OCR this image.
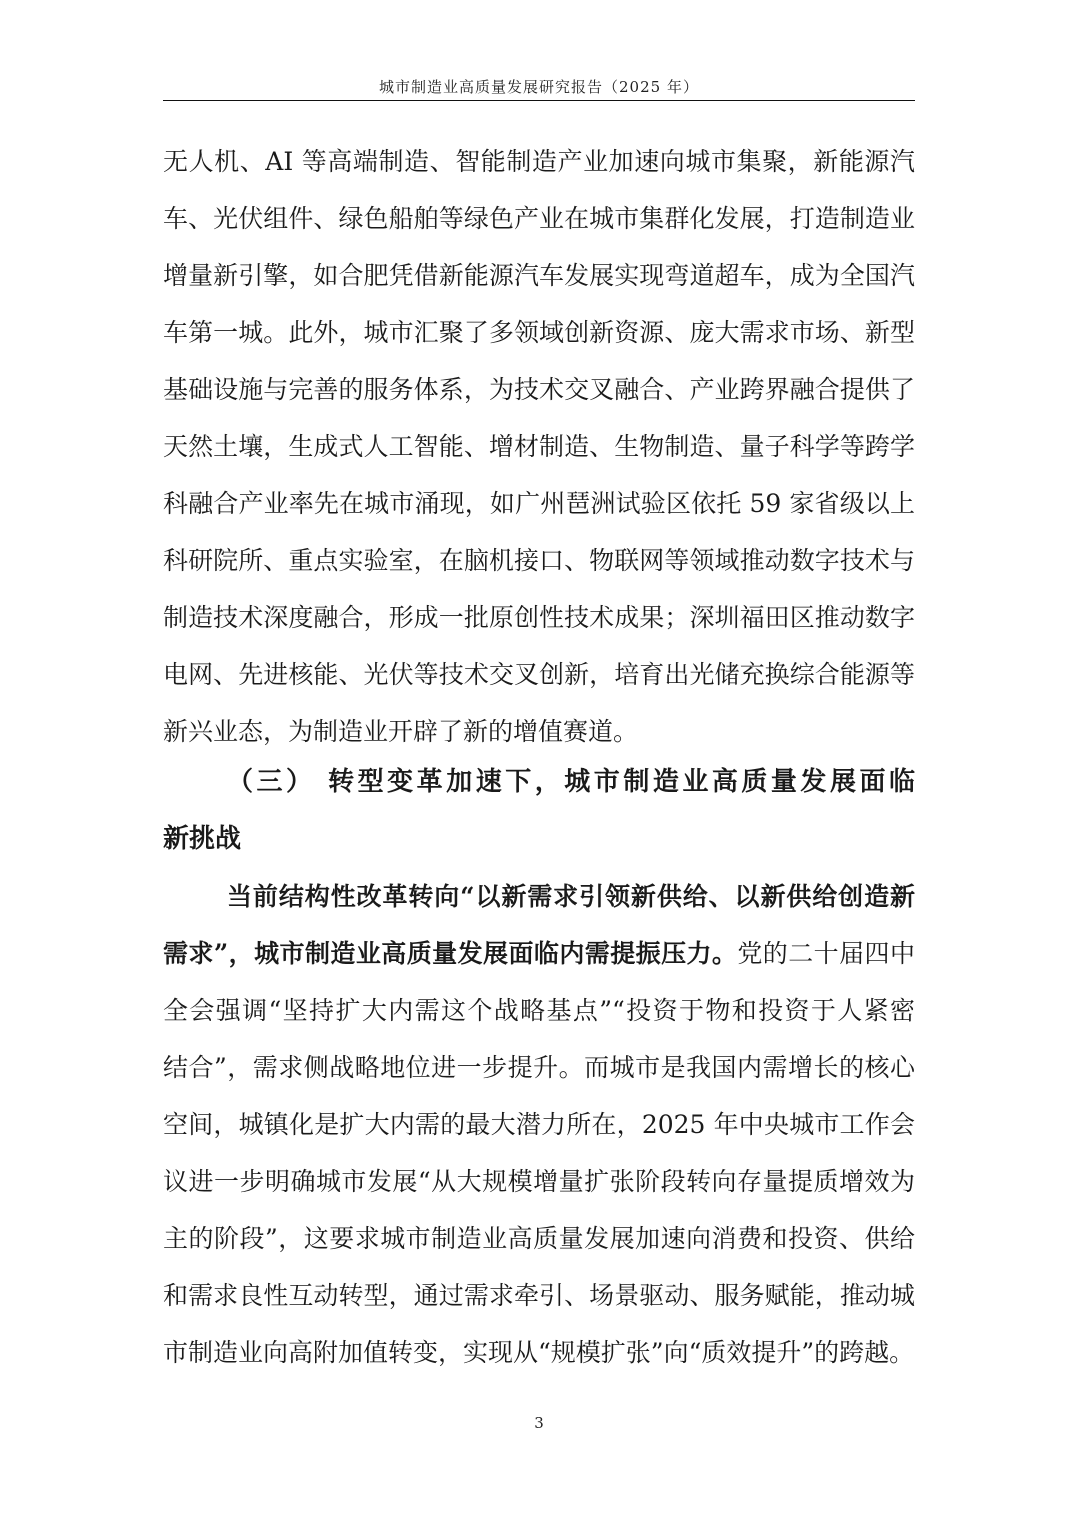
城市制造业高质量发展研究报告（2025 年）
无人机、AI 等高端制造、智能制造产业加速向城市集聚，新能源汽
车、光伏组件、绿色船舶等绿色产业在城市集群化发展，打造制造业
增量新引擎，如合肥凭借新能源汽车发展实现弯道超车，成为全国汽
车第一城。此外，城市汇聚了多领域创新资源、庞大需求市场、新型
基础设施与完善的服务体系，为技术交叉融合、产业跨界融合提供了
天然土壤，生成式人工智能、增材制造、生物制造、量子科学等跨学
科融合产业率先在城市涌现，如广州琶洲试验区依托 59 家省级以上
科研院所、重点实验室，在脑机接口、物联网等领域推动数字技术与
制造技术深度融合，形成一批原创性技术成果；深圳福田区推动数字
电网、先进核能、光伏等技术交叉创新，培育出光储充换综合能源等
新兴业态，为制造业开辟了新的增值赛道。
（三） 转型变革加速下，城市制造业高质量发展面临
新挑战
当前结构性改革转向“以新需求引领新供给、以新供给创造新
需求”，城市制造业高质量发展面临内需提振压力。党的二十届四中
全会强调“坚持扩大内需这个战略基点”“投资于物和投资于人紧密
结合”，需求侧战略地位进一步提升。而城市是我国内需增长的核心
空间，城镇化是扩大内需的最大潜力所在，2025 年中央城市工作会
议进一步明确城市发展“从大规模增量扩张阶段转向存量提质增效为
主的阶段”，这要求城市制造业高质量发展加速向消费和投资、供给
和需求良性互动转型，通过需求牵引、场景驱动、服务赋能，推动城
市制造业向高附加值转变，实现从“规模扩张”向“质效提升”的跨越。
3
